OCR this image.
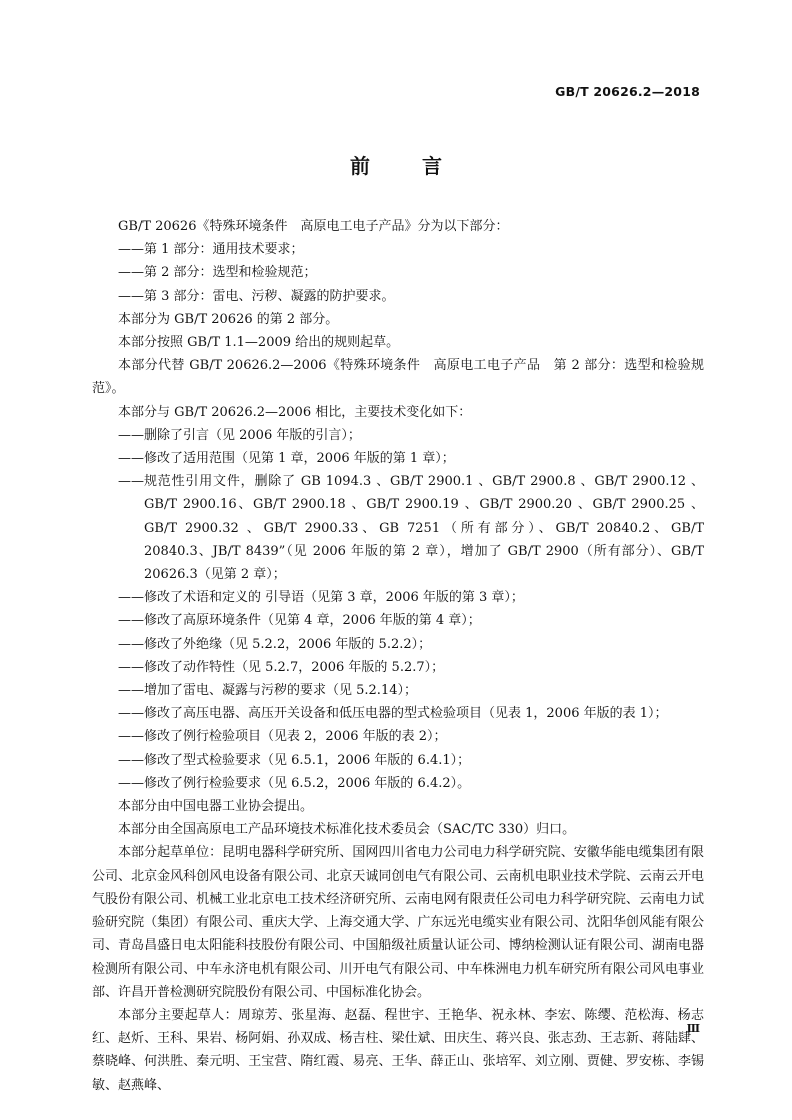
GB/T 20626.2—2018
前	言
GB/T 20626《特殊环境条件　高原电工电子产品》分为以下部分：
—— 第 1 部分：通用技术要求；
—— 第 2 部分：选型和检验规范；
—— 第 3 部分：雷电、污秽、凝露的防护要求。
本部分为 GB/T 20626 的第 2 部分。
本部分按照 GB/T 1.1—2009 给出的规则起草。
本部分代替 GB/T 20626.2—2006《特殊环境条件　高原电工电子产品　第 2 部分：选型和检验规范》。
本部分与 GB/T 20626.2—2006 相比，主要技术变化如下：
—— 删除了引言（见 2006 年版的引言）；
—— 修改了适用范围（见第 1 章，2006 年版的第 1 章）；
—— 规范性引用文件，删除了 GB 1094.3 、GB/T 2900.1 、GB/T 2900.8 、GB/T 2900.12 、GB/T 2900.16、GB/T 2900.18 、GB/T 2900.19 、GB/T 2900.20 、GB/T 2900.25 、GB/T 2900.32 、GB/T 2900.33、GB 7251（所有部分）、GB/T 20840.2、GB/T 20840.3、JB/T 8439”（见 2006 年版的第 2 章），增加了 GB/T 2900（所有部分）、GB/T 20626.3（见第 2 章）；
—— 修改了术语和定义的 引导语（见第 3 章，2006 年版的第 3 章）；
—— 修改了高原环境条件（见第 4 章，2006 年版的第 4 章）；
—— 修改了外绝缘（见 5.2.2，2006 年版的 5.2.2）；
—— 修改了动作特性（见 5.2.7，2006 年版的 5.2.7）；
—— 增加了雷电、凝露与污秽的要求（见 5.2.14）；
—— 修改了高压电器、高压开关设备和低压电器的型式检验项目（见表 1，2006 年版的表 1）；
—— 修改了例行检验项目（见表 2，2006 年版的表 2）；
—— 修改了型式检验要求（见 6.5.1，2006 年版的 6.4.1）；
—— 修改了例行检验要求（见 6.5.2，2006 年版的 6.4.2）。
本部分由中国电器工业协会提出。
本部分由全国高原电工产品环境技术标准化技术委员会（SAC/TC 330）归口。
本部分起草单位：昆明电器科学研究所、国网四川省电力公司电力科学研究院、安徽华能电缆集团有限公司、北京金风科创风电设备有限公司、北京天诚同创电气有限公司、云南机电职业技术学院、云南云开电气股份有限公司、机械工业北京电工技术经济研究所、云南电网有限责任公司电力科学研究院、云南电力试验研究院（集团）有限公司、重庆大学、上海交通大学、广东远光电缆实业有限公司、沈阳华创风能有限公司、青岛昌盛日电太阳能科技股份有限公司、中国船级社质量认证公司、博纳检测认证有限公司、湖南电器检测所有限公司、中车永济电机有限公司、川开电气有限公司、中车株洲电力机车研究所有限公司风电事业部、许昌开普检测研究院股份有限公司、中国标准化协会。
本部分主要起草人：周琼芳、张星海、赵磊、程世宇、王艳华、祝永林、李宏、陈缨、范松海、杨志红、赵炘、王科、果岩、杨阿娟、孙双成、杨吉柱、梁仕斌、田庆生、蒋兴良、张志劲、王志新、蒋陆肆、蔡晓峰、何洪胜、秦元明、王宝营、隋红霞、易亮、王华、薛正山、张培军、刘立刚、贾健、罗安栋、李锡敏、赵燕峰、
Ⅲ
